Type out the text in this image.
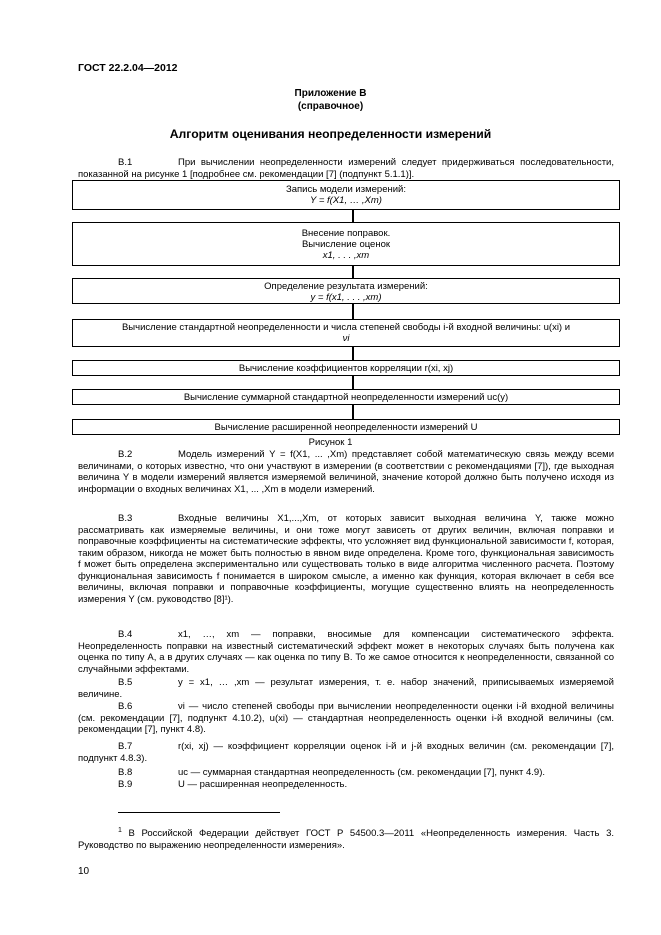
ГОСТ 22.2.04—2012
Приложение В
(справочное)
Алгоритм оценивания неопределенности измерений
В.1	При вычислении неопределенности измерений следует придерживаться последовательности, показанной на рисунке 1 [подробнее см. рекомендации [7] (подпункт 5.1.1)].
Запись модели измерений:
Y = f(X1, … ,Xm)
Внесение поправок.
Вычисление оценок
x1, . . . ,xm
Определение результата измерений:
y = f(x1, . . . ,xm)
Вычисление стандартной неопределенности и числа степеней свободы i-й входной величины: u(xi) и
νi
Вычисление коэффициентов корреляции r(xi, xj)
Вычисление суммарной стандартной неопределенности измерений uc(y)
Вычисление расширенной неопределенности измерений U
Рисунок 1
В.2	Модель измерений Y = f(X1, ... ,Xm) представляет собой математическую связь между всеми величинами, о которых известно, что они участвуют в измерении (в соответствии с рекомендациями [7]), где выходная величина Y в модели измерений является измеряемой величиной, значение которой должно быть получено исходя из информации о входных величинах X1, ... ,Xm в модели измерений.
В.3	Входные величины X1,...,Xm, от которых зависит выходная величина Y, также можно рассматривать как измеряемые величины, и они тоже могут зависеть от других величин, включая поправки и поправочные коэффициенты на систематические эффекты, что усложняет вид функциональной зависимости f, которая, таким образом, никогда не может быть полностью в явном виде определена. Кроме того, функциональная зависимость f может быть определена экспериментально или существовать только в виде алгоритма численного расчета. Поэтому функциональная зависимость f понимается в широком смысле, а именно как функция, которая включает в себя все величины, включая поправки и поправочные коэффициенты, могущие существенно влиять на неопределенность измерения Y (см. руководство [8]¹).
В.4	x1, …, xm — поправки, вносимые для компенсации систематического эффекта. Неопределенность поправки на известный систематический эффект может в некоторых случаях быть получена как оценка по типу А, а в других случаях — как оценка по типу В. То же самое относится к неопределенности, связанной со случайными эффектами.
В.5	y = x1, … ,xm — результат измерения, т. е. набор значений, приписываемых измеряемой величине.
В.6	νi — число степеней свободы при вычислении неопределенности оценки i-й входной величины (см. рекомендации [7], подпункт 4.10.2), u(xi) — стандартная неопределенность оценки i-й входной величины (см. рекомендации [7], пункт 4.8).
В.7	r(xi, xj) — коэффициент корреляции оценок i-й и j-й входных величин (см. рекомендации [7], подпункт 4.8.3).
В.8	uc — суммарная стандартная неопределенность (см. рекомендации [7], пункт 4.9).
В.9	U — расширенная неопределенность.
$^1$ В Российской Федерации действует ГОСТ Р 54500.3—2011 «Неопределенность измерения. Часть 3. Руководство по выражению неопределенности измерения».
10
